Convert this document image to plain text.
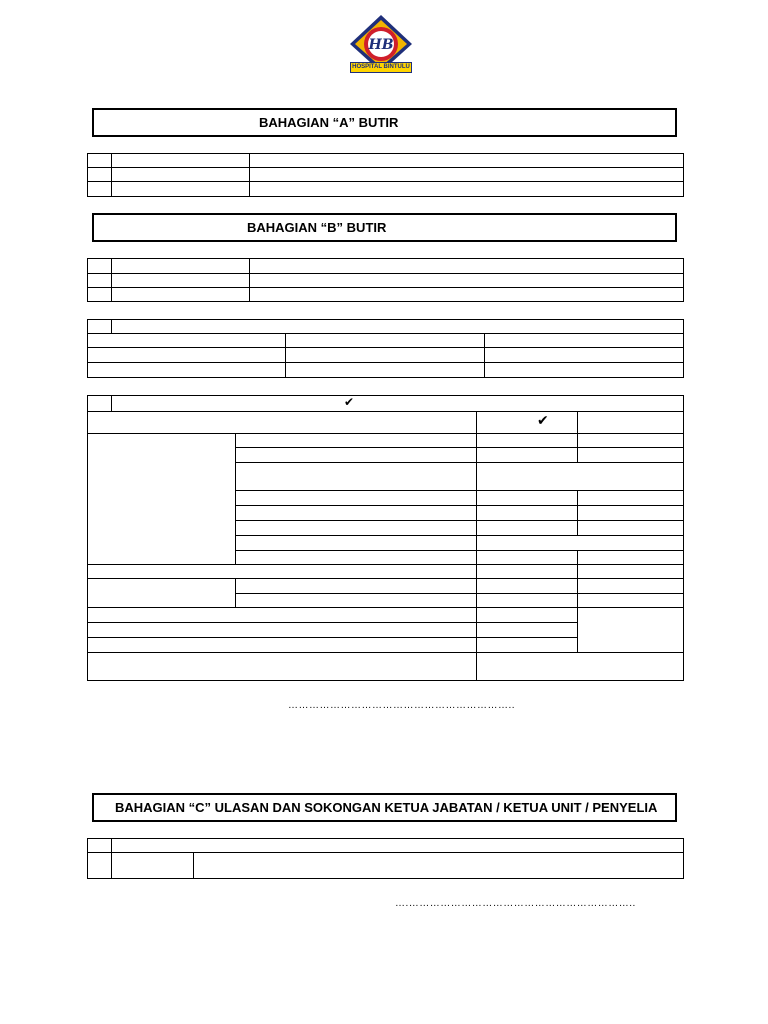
HB
HOSPITAL BINTULU
BAHAGIAN “A” BUTIR
BAHAGIAN “B” BUTIR
✔
✔
………………………………………………………..
BAHAGIAN “C” ULASAN DAN SOKONGAN KETUA JABATAN / KETUA UNIT / PENYELIA
….………………………………………………………..
